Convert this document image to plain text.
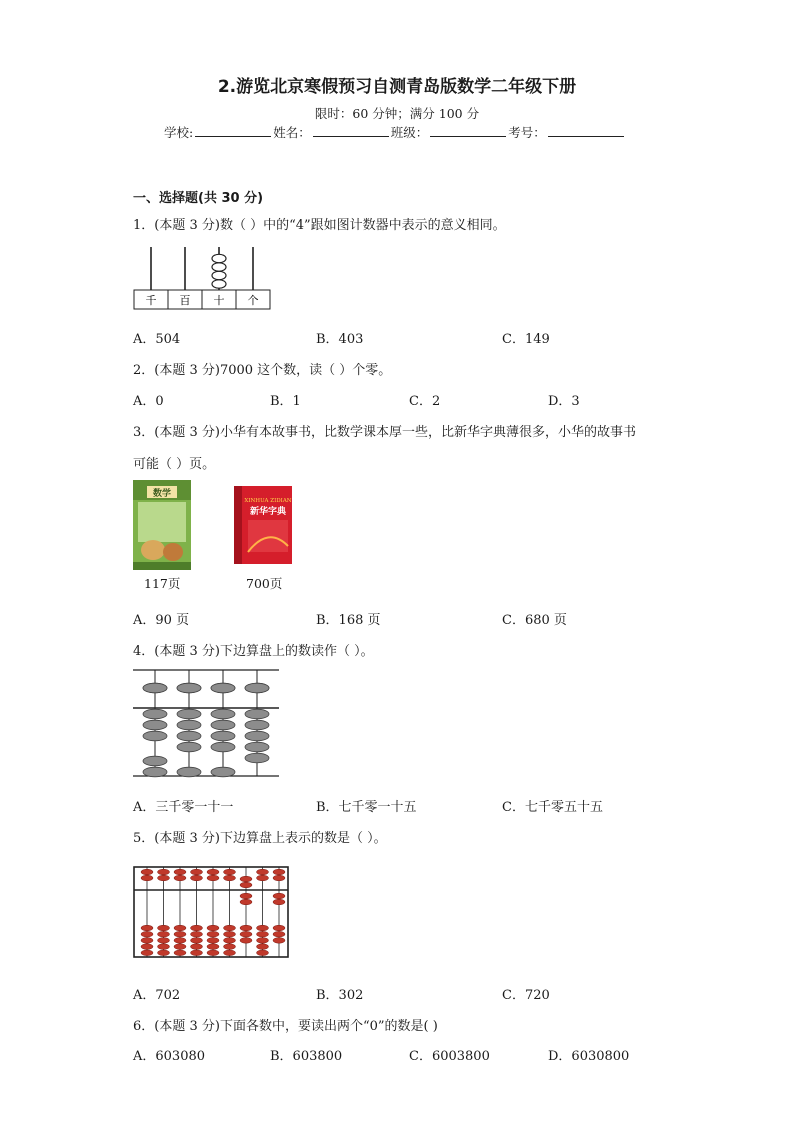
2.游览北京寒假预习自测青岛版数学二年级下册
限时：60 分钟；满分 100 分
学校:	姓名：	班级：	考号：
一、选择题(共 30 分)
1．(本题 3 分)数（ ）中的“4”跟如图计数器中表示的意义相同。
千 百 十 个
A．504	B．403	C．149
2．(本题 3 分)7000 这个数，读（ ）个零。
A．0	B．1	C．2	D．3
3．(本题 3 分)小华有本故事书，比数学课本厚一些，比新华字典薄很多，小华的故事书
可能（ ）页。
数学
XINHUA ZIDIAN
新华字典
117页	700页
A．90 页	B．168 页	C．680 页
4．(本题 3 分)下边算盘上的数读作（ ）。
A．三千零一十一	B．七千零一十五	C．七千零五十五
5．(本题 3 分)下边算盘上表示的数是（ ）。
A．702	B．302	C．720
6．(本题 3 分)下面各数中，要读出两个“0”的数是( )
A．603080	B．603800	C．6003800	D．6030800
